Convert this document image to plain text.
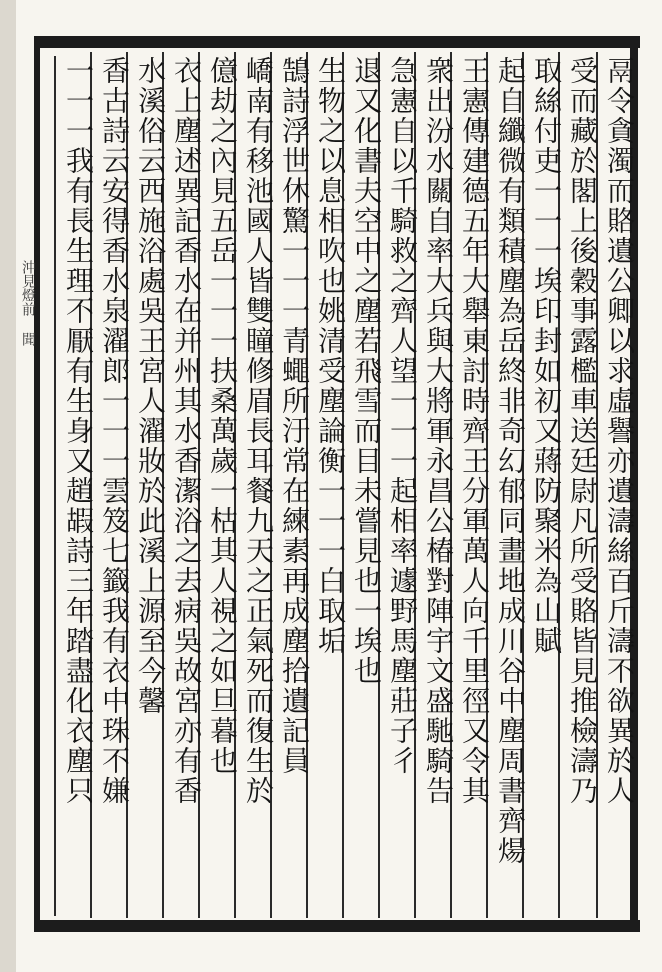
沖見燈前 聞	鬲令貪濁而賂遺公卿以求虛譽亦遺濤絲百斤濤不欲異於人
受而藏於閣上後穀事露檻車送廷尉凡所受賂皆見推檢濤乃
取絲付吏一一一埃印封如初又蔣防聚米為山賦
起自纖微有類積塵為岳終非奇幻郁同畫地成川谷中塵周書齊煬
王憲傳建德五年大舉東討時齊王分軍萬人向千里徑又令其
衆出汾水關自率大兵與大將軍永昌公椿對陣宇文盛馳騎告
急憲自以千騎救之齊人望一一一起相率遽野馬塵莊子彳
退又化書夫空中之塵若飛雪而目未嘗見也一埃也
生物之以息相吹也姚清受塵論衡一一一白取垢
鵠詩浮世休驚一一一青蠅所汙常在練素再成塵拾遺記員
嶠南有移池國人皆雙瞳修眉長耳餐九天之正氣死而復生於
億劫之內見五岳一一一扶桑萬歲一枯其人視之如旦暮也
衣上塵述異記香水在并州其水香潔浴之去病吳故宮亦有香
水溪俗云西施浴處吳王宮人濯妝於此溪上源至今馨
香古詩云安得香水泉濯郎一一一雲笈七籤我有衣中珠不嫌
一一一我有長生理不厭有生身又趙嘏詩三年踏盡化衣塵只
